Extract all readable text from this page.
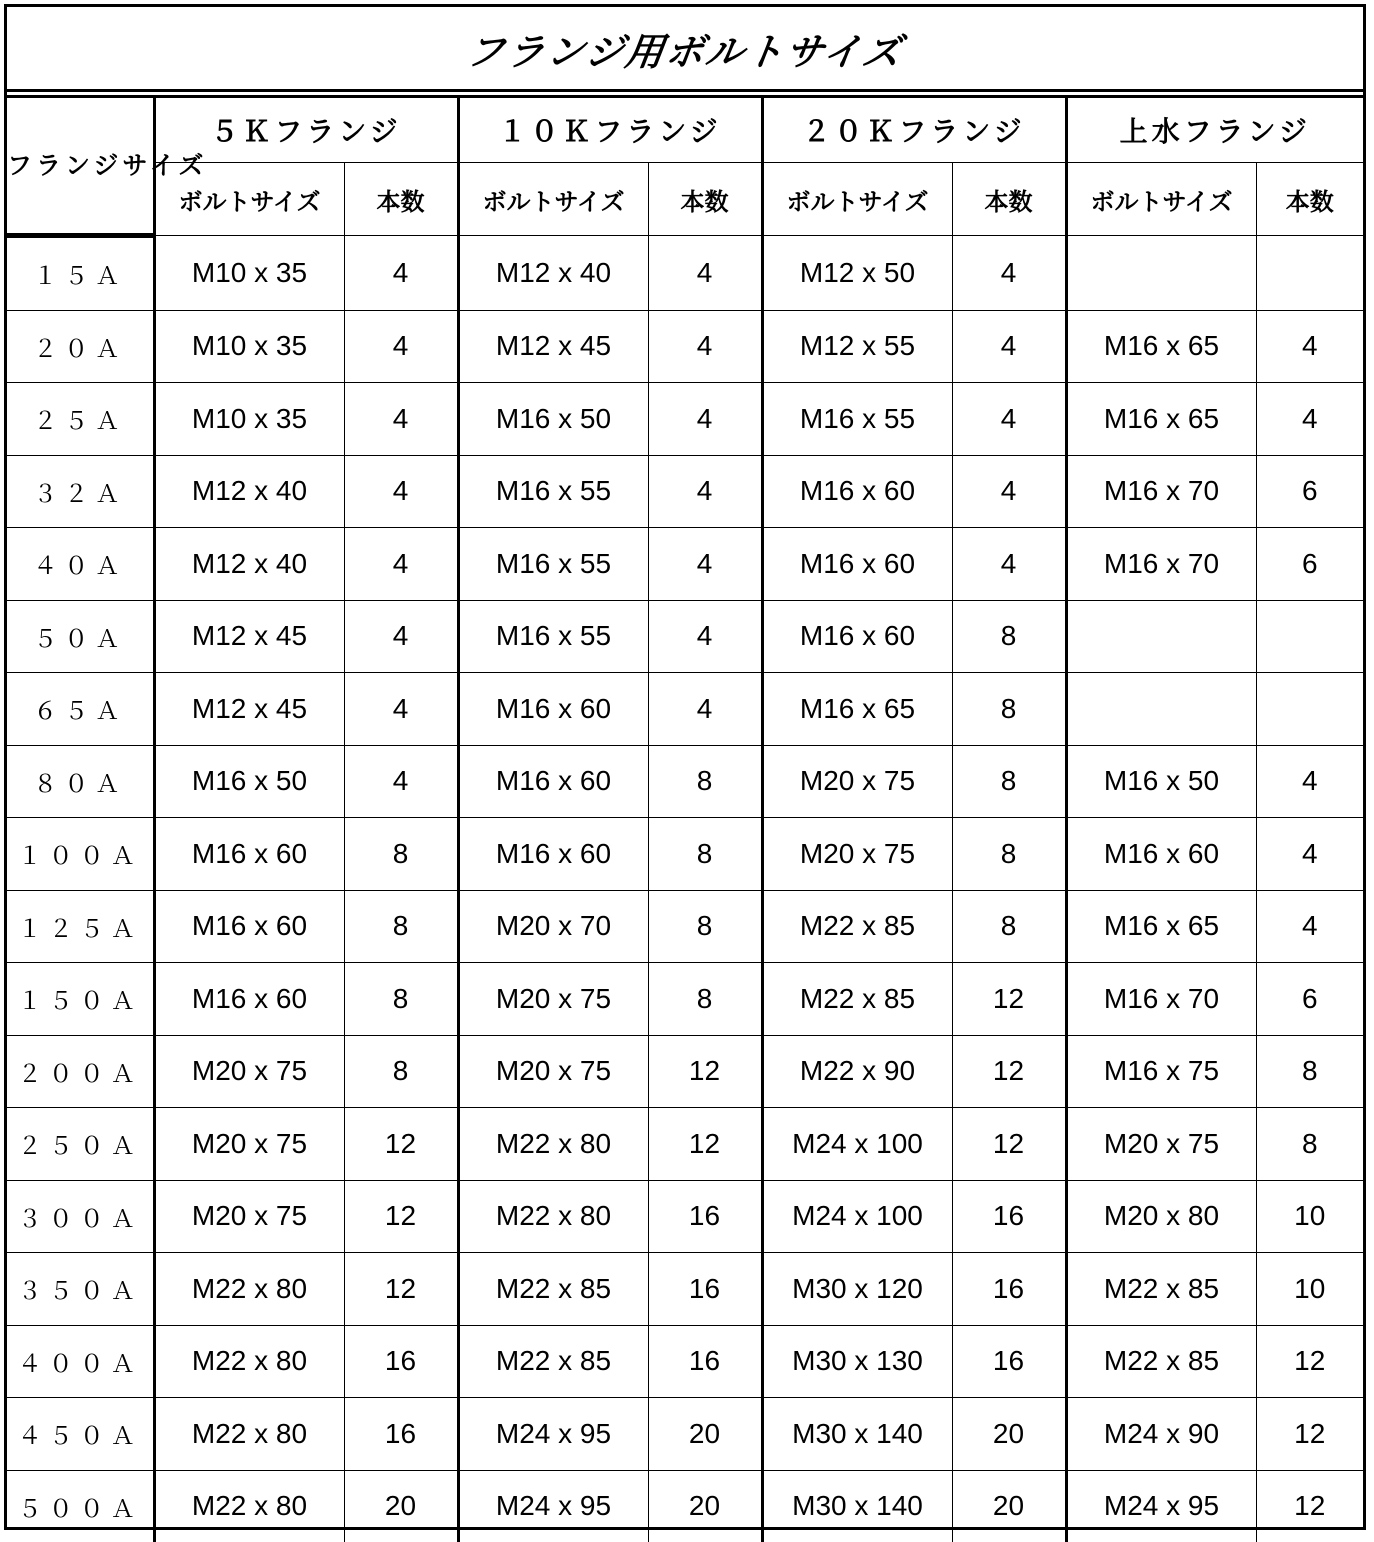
フランジ用ボルトサイズ
フランジサイズ	５Ｋフランジ		１０Ｋフランジ		２０Ｋフランジ		上水フランジ	
	ボルトサイズ	本数	ボルトサイズ	本数	ボルトサイズ	本数	ボルトサイズ	本数
１５Ａ	M10 x 35	4	M12 x 40	4	M12 x 50	4		
２０Ａ	M10 x 35	4	M12 x 45	4	M12 x 55	4	M16 x 65	4
２５Ａ	M10 x 35	4	M16 x 50	4	M16 x 55	4	M16 x 65	4
３２Ａ	M12 x 40	4	M16 x 55	4	M16 x 60	4	M16 x 70	6
４０Ａ	M12 x 40	4	M16 x 55	4	M16 x 60	4	M16 x 70	6
５０Ａ	M12 x 45	4	M16 x 55	4	M16 x 60	8		
６５Ａ	M12 x 45	4	M16 x 60	4	M16 x 65	8		
８０Ａ	M16 x 50	4	M16 x 60	8	M20 x 75	8	M16 x 50	4
１００Ａ	M16 x 60	8	M16 x 60	8	M20 x 75	8	M16 x 60	4
１２５Ａ	M16 x 60	8	M20 x 70	8	M22 x 85	8	M16 x 65	4
１５０Ａ	M16 x 60	8	M20 x 75	8	M22 x 85	12	M16 x 70	6
２００Ａ	M20 x 75	8	M20 x 75	12	M22 x 90	12	M16 x 75	8
２５０Ａ	M20 x 75	12	M22 x 80	12	M24 x 100	12	M20 x 75	8
３００Ａ	M20 x 75	12	M22 x 80	16	M24 x 100	16	M20 x 80	10
３５０Ａ	M22 x 80	12	M22 x 85	16	M30 x 120	16	M22 x 85	10
４００Ａ	M22 x 80	16	M22 x 85	16	M30 x 130	16	M22 x 85	12
４５０Ａ	M22 x 80	16	M24 x 95	20	M30 x 140	20	M24 x 90	12
５００Ａ	M22 x 80	20	M24 x 95	20	M30 x 140	20	M24 x 95	12
